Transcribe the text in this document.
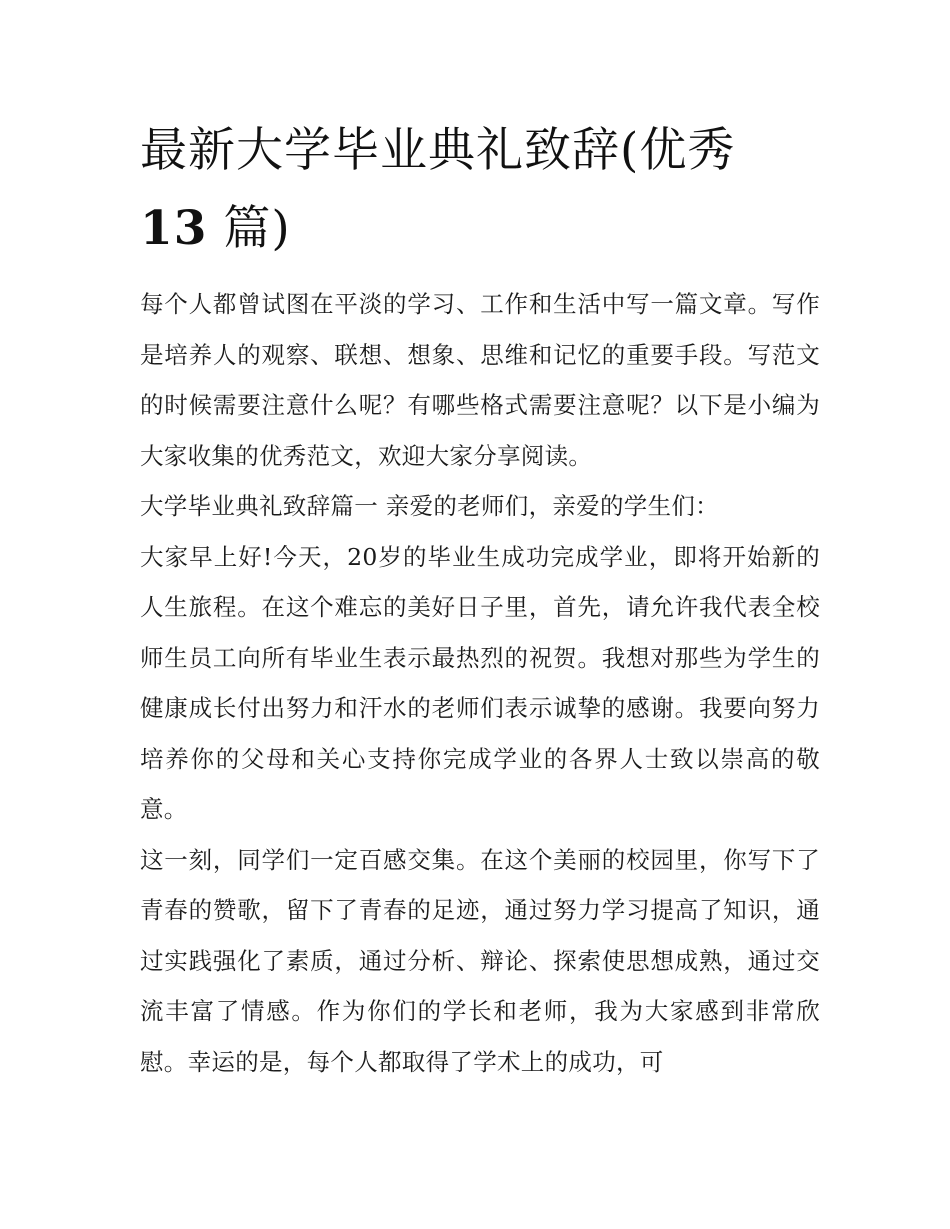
最新大学毕业典礼致辞(优秀
13 篇)

每个人都曾试图在平淡的学习、工作和生活中写一篇文章。写作是培养人的观察、联想、想象、思维和记忆的重要手段。写范文的时候需要注意什么呢？有哪些格式需要注意呢？以下是小编为大家收集的优秀范文，欢迎大家分享阅读。

大学毕业典礼致辞篇一 亲爱的老师们，亲爱的学生们：

大家早上好!今天，20岁的毕业生成功完成学业，即将开始新的人生旅程。在这个难忘的美好日子里，首先，请允许我代表全校师生员工向所有毕业生表示最热烈的祝贺。我想对那些为学生的健康成长付出努力和汗水的老师们表示诚挚的感谢。我要向努力培养你的父母和关心支持你完成学业的各界人士致以崇高的敬意。

这一刻，同学们一定百感交集。在这个美丽的校园里，你写下了青春的赞歌，留下了青春的足迹，通过努力学习提高了知识，通过实践强化了素质，通过分析、辩论、探索使思想成熟，通过交流丰富了情感。作为你们的学长和老师，我为大家感到非常欣慰。幸运的是，每个人都取得了学术上的成功，可
